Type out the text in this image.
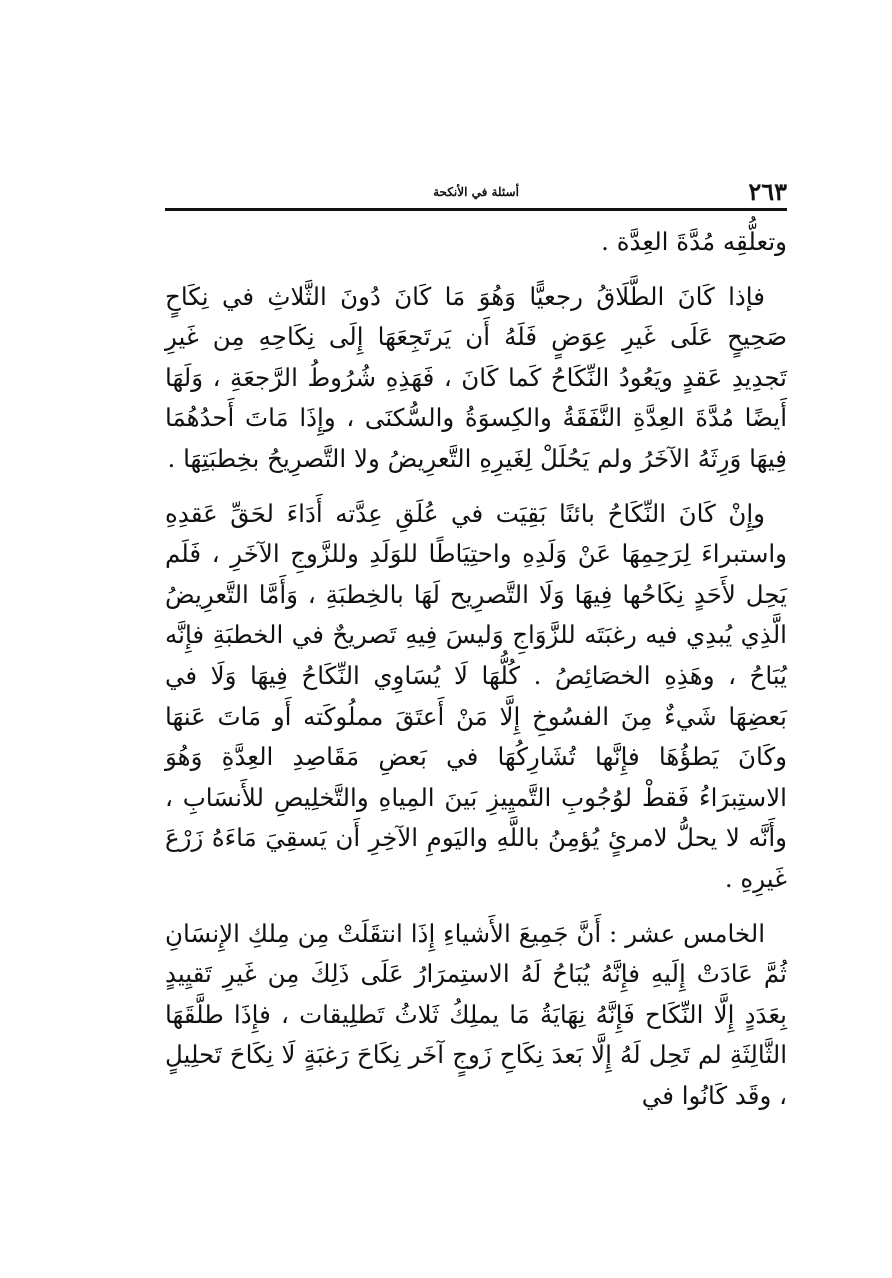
٢٦٣
أسئلة في الأنكحة

وتعلُّقِه مُدَّةَ العِدَّة .

فإذا كَانَ الطَّلَاقُ رجعيًّا وَهُوَ مَا كَانَ دُونَ الثَّلاثِ في نِكَاحٍ صَحِيحٍ عَلَى غَيرِ عِوَضٍ فَلَهُ أَن يَرتَجِعَهَا إِلَى نِكَاحِهِ مِن غَيرِ تَجدِيدِ عَقدٍ ويَعُودُ النِّكَاحُ كَما كَانَ ، فَهَذِهِ شُرُوطُ الرَّجعَةِ ، وَلَهَا أَيضًا مُدَّةَ العِدَّةِ النَّفَقَةُ والكِسوَةُ والسُّكنَى ، وإِذَا مَاتَ أَحدُهُمَا فِيهَا وَرِثَهُ الآخَرُ ولم يَحُلَلْ لِغَيرِهِ التَّعرِيضُ ولا التَّصرِيحُ بخِطبَتِهَا .

وإِنْ كَانَ النِّكَاحُ بائنًا بَقِيَت في عُلَقِ عِدَّته أَدَاءَ لحَقِّ عَقدِهِ واستبراءَ لِرَحِمِهَا عَنْ وَلَدِهِ واحتِيَاطًا للوَلَدِ وللزَّوجِ الآخَرِ ، فَلَم يَحِل لأَحَدٍ نِكَاحُها فِيهَا وَلَا التَّصرِيح لَهَا بالخِطبَةِ ، وَأَمَّا التَّعرِيضُ الَّذِي يُبدِي فيه رغبَتَه للزَّوَاجِ وَليسَ فِيهِ تَصريحٌ في الخطبَةِ فإِنَّه يُبَاحُ ، وهَذِهِ الخصَائِصُ . كُلُّهَا لَا يُسَاوِي النِّكَاحُ فِيهَا وَلَا في بَعضِهَا شَيءٌ مِنَ الفسُوخِ إِلَّا مَنْ أَعتَقَ مملُوكَته أَو مَاتَ عَنهَا وكَانَ يَطؤُهَا فإِنَّها تُشَارِكُهَا في بَعضِ مَقَاصِدِ العِدَّةِ وَهُوَ الاستِبرَاءُ فَقطْ لوُجُوبِ التَّميِيزِ بَينَ المِياهِ والتَّخلِيصِ للأَنسَابِ ، وأَنَّه لا يحلُّ لامرئٍ يُؤمِنُ باللَّهِ واليَومِ الآخِرِ أَن يَسقِيَ مَاءَهُ زَرْعَ غَيرِهِ .

الخامس عشر : أَنَّ جَمِيعَ الأَشياءِ إِذَا انتقَلَتْ مِن مِلكِ الإِنسَانِ ثُمَّ عَادَتْ إِلَيهِ فإِنَّهُ يُبَاحُ لَهُ الاستِمرَارُ عَلَى ذَلِكَ مِن غَيرِ تَقيِيدٍ بِعَدَدٍ إِلَّا النِّكَاح فَإِنَّهُ نِهَايَةُ مَا يملِكُ ثَلاثُ تَطلِيقات ، فإِذَا طلَّقَهَا الثَّالِثَةِ لم تَحِل لَهُ إِلَّا بَعدَ نِكَاحِ زَوجٍ آخَر نِكَاحَ رَغبَةٍ لَا نِكَاحَ تَحلِيلٍ ، وقَد كَانُوا في
